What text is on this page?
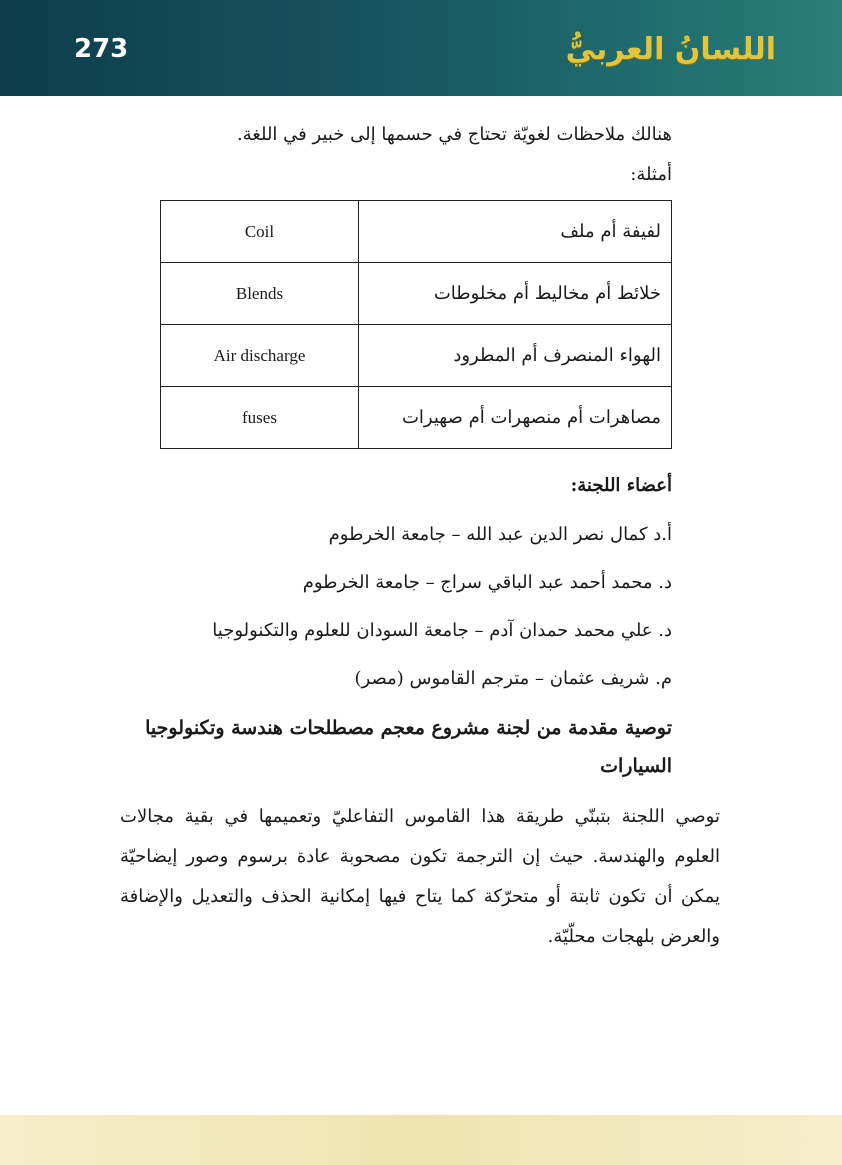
273	اللسانُ العربيُّ

هنالك ملاحظات لغويّة تحتاج في حسمها إلى خبير في اللغة.

أمثلة:

لفيفة أم ملف	Coil
خلائط أم مخاليط أم مخلوطات	Blends
الهواء المنصرف أم المطرود	Air discharge
مصاهرات أم منصهرات أم صهيرات	fuses

أعضاء اللجنة:

أ.د كمال نصر الدين عبد الله – جامعة الخرطوم
د. محمد أحمد عبد الباقي سراج – جامعة الخرطوم
د. علي محمد حمدان آدم – جامعة السودان للعلوم والتكنولوجيا
م. شريف عثمان – مترجم القاموس (مصر)

توصية مقدمة من لجنة مشروع معجم مصطلحات هندسة وتكنولوجيا السيارات

توصي اللجنة بتبنّي طريقة هذا القاموس التفاعليّ وتعميمها في بقية مجالات العلوم والهندسة. حيث إن الترجمة تكون مصحوبة عادة برسوم وصور إيضاحيّة يمكن أن تكون ثابتة أو متحرّكة كما يتاح فيها إمكانية الحذف والتعديل والإضافة والعرض بلهجات محلّيّة.
